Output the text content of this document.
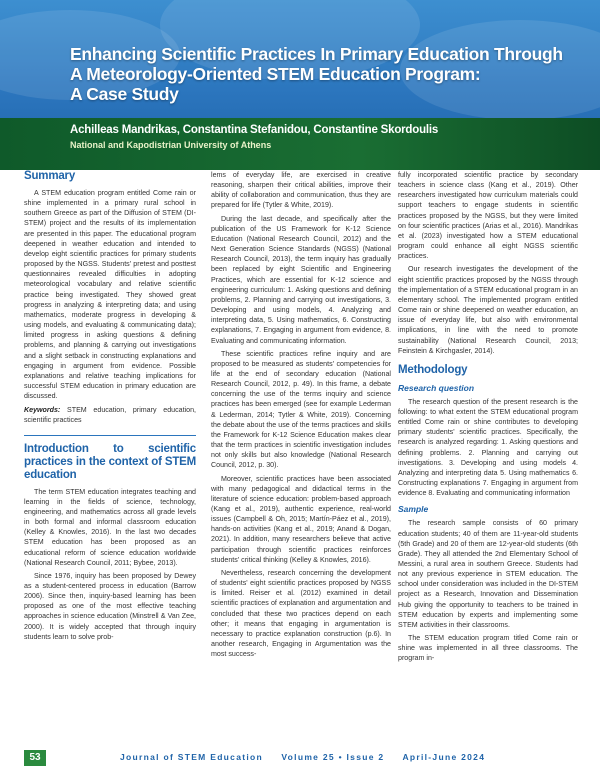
Enhancing Scientific Practices In Primary Education Through
A Meteorology-Oriented STEM Education Program:
A Case Study
Achilleas Mandrikas, Constantina Stefanidou, Constantine Skordoulis
National and Kapodistrian University of Athens
Summary

A STEM education program entitled Come rain or shine implemented in a primary rural school in southern Greece as part of the Diffusion of STEM (DI-STEM) project and the results of its implementation are presented in this paper. The educational program deepened in weather education and intended to develop eight scientific practices for primary students proposed by the NGSS. Students' pretest and posttest questionnaires revealed difficulties in adopting meteorological vocabulary and relative scientific practice being investigated. They showed great progress in analyzing & interpreting data; and using mathematics, moderate progress in developing & using models, and evaluating & communicating data); limited progress in asking questions & defining problems, and planning & carrying out investigations and a slight setback in constructing explanations and engaging in argument from evidence. Possible explanations and relative teaching implications for successful STEM education in primary education are discussed.

Keywords: STEM education, primary education, scientific practices
Introduction to scientific practices in the context of STEM education

The term STEM education integrates teaching and learning in the fields of science, technology, engineering, and mathematics across all grade levels in both formal and informal classroom education (Kelley & Knowles, 2016). In the last two decades STEM education has been proposed as an educational reform of science education worldwide (National Research Council, 2011; Bybee, 2013).

Since 1976, inquiry has been proposed by Dewey as a student-centered process in education (Barrow 2006). Since then, inquiry-based learning has been proposed as one of the most effective teaching approaches in science education (Minstrell & Van Zee, 2000). It is widely accepted that through inquiry students learn to solve prob-

lems of everyday life, are exercised in creative reasoning, sharpen their critical abilities, improve their ability of collaboration and communication, thus they are prepared for life (Tytler & White, 2019).

During the last decade, and specifically after the publication of the US Framework for K-12 Science Education (National Research Council, 2012) and the Next Generation Science Standards (NGSS) (National Research Council, 2013), the term inquiry has gradually been replaced by eight Scientific and Engineering Practices, which are essential for K-12 science and engineering curriculum: 1. Asking questions and defining problems, 2. Planning and carrying out investigations, 3. Developing and using models, 4. Analyzing and interpreting data, 5. Using mathematics, 6. Constructing explanations, 7. Engaging in argument from evidence, 8. Evaluating and communicating information.

These scientific practices refine inquiry and are proposed to be measured as students' competencies for life at the end of secondary education (National Research Council, 2012, p. 49). In this frame, a debate concerning the use of the terms inquiry and science practices has been emerged (see for example Lederman & Lederman, 2014; Tytler & White, 2019). Concerning the debate about the use of the terms practices and skills the Framework for K-12 Science Education makes clear that the term practices in scientific investigation includes not only skills but also knowledge (National Research Council, 2012, p. 30).

Moreover, scientific practices have been associated with many pedagogical and didactical terms in the literature of science education: problem-based approach (Kang et al., 2019), authentic experience, real-world issues (Campbell & Oh, 2015; Martín-Páez et al., 2019), hands-on activities (Kang et al., 2019; Anand & Dogan, 2021). In addition, many researchers believe that active participation through scientific practices reinforces students' critical thinking (Kelley & Knowles, 2016).

Nevertheless, research concerning the development of students' eight scientific practices proposed by NGSS is limited. Reiser et al. (2012) examined in detail scientific practices of explanation and argumentation and concluded that these two practices depend on each other; it means that engaging in argumentation is necessary to practice explanation construction (p.6). In another research, Engaging in Argumentation was the most success-

fully incorporated scientific practice by secondary teachers in science class (Kang et al., 2019). Other researchers investigated how curriculum materials could support teachers to engage students in scientific practices proposed by the NGSS, but they were limited on four scientific practices (Arias et al., 2016). Mandrikas et al. (2023) investigated how a STEM educational program could enhance all eight NGSS scientific practices.

Our research investigates the development of the eight scientific practices proposed by the NGSS through the implementation of a STEM educational program in an elementary school. The implemented program entitled Come rain or shine deepened on weather education, an issue of everyday life, but also with environmental implications, in line with the need to promote sustainability (National Research Council, 2013; Feinstein & Kirchgasler, 2014).

Methodology
Research question

The research question of the present research is the following: to what extent the STEM educational program entitled Come rain or shine contributes to developing primary students' scientific practices. Specifically, the research is analyzed regarding: 1. Asking questions and defining problems. 2. Planning and carrying out investigations. 3. Developing and using models 4. Analyzing and interpreting data 5. Using mathematics 6. Constructing explanations 7. Engaging in argument from evidence 8. Evaluating and communicating information

Sample

The research sample consists of 60 primary education students; 40 of them are 11-year-old students (5th Grade) and 20 of them are 12-year-old students (6th Grade). They all attended the 2nd Elementary School of Messini, a rural area in southern Greece. Students had not any previous experience in STEM education. The school under consideration was included in the DI-STEM project as a Research, Innovation and Dissemination Hub giving the opportunity to teachers to be trained in STEM education by experts and implementing some STEM activities in their classrooms.

The STEM education program titled Come rain or shine was implemented in all three classrooms. The program in-

53	Journal of STEM Education Volume 25 • Issue 2 April-June 2024
